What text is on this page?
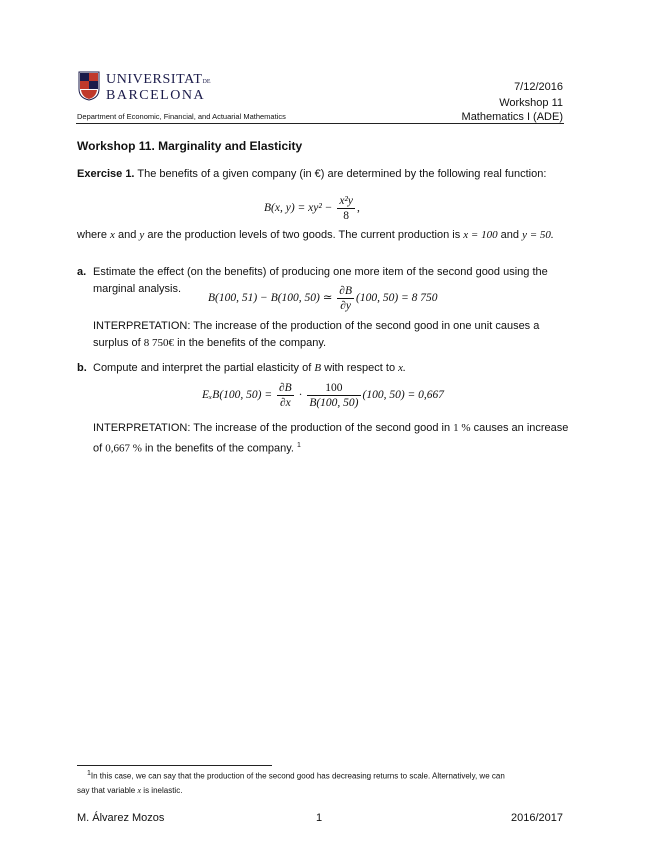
UNIVERSITATDE
BARCELONA
7/12/2016
Workshop 11
Mathematics I (ADE)
Department of Economic, Financial, and Actuarial Mathematics
Workshop 11. Marginality and Elasticity
Exercise 1. The benefits of a given company (in €) are determined by the following real function:
B(x, $y) = xy^2 - \frac{\text{x²y}}{8}$ ,
where x and y are the production levels of two goods. The current production is x = 100 and y = 50.
a. Estimate the effect (on the benefits) of producing one more item of the second good using the
marginal analysis.
B(100, 51) − B(100, 50) ≃ $\frac{\partial B}{\partial y} (100$, 50) = 8 750
INTERPRETATION: The increase of the production of the second good in one unit causes a
surplus of 8 750€ in the benefits of the company.
b. Compute and interpret the partial elasticity of B with respect to x.
EₓB(100, $50) = \frac{\partial B}{\partial x} \cdot \frac{100}{B(100, 50)} (100$, 50) = 0,667
INTERPRETATION: The increase of the production of the second good in 1 % causes an increase
of 0,667 % in the benefits of the company. $^1$
$^1$In this case, we can say that the production of the second good has decreasing returns to scale. Alternatively, we can
say that variable x is inelastic.
M. Álvarez Mozos	1	2016/2017
